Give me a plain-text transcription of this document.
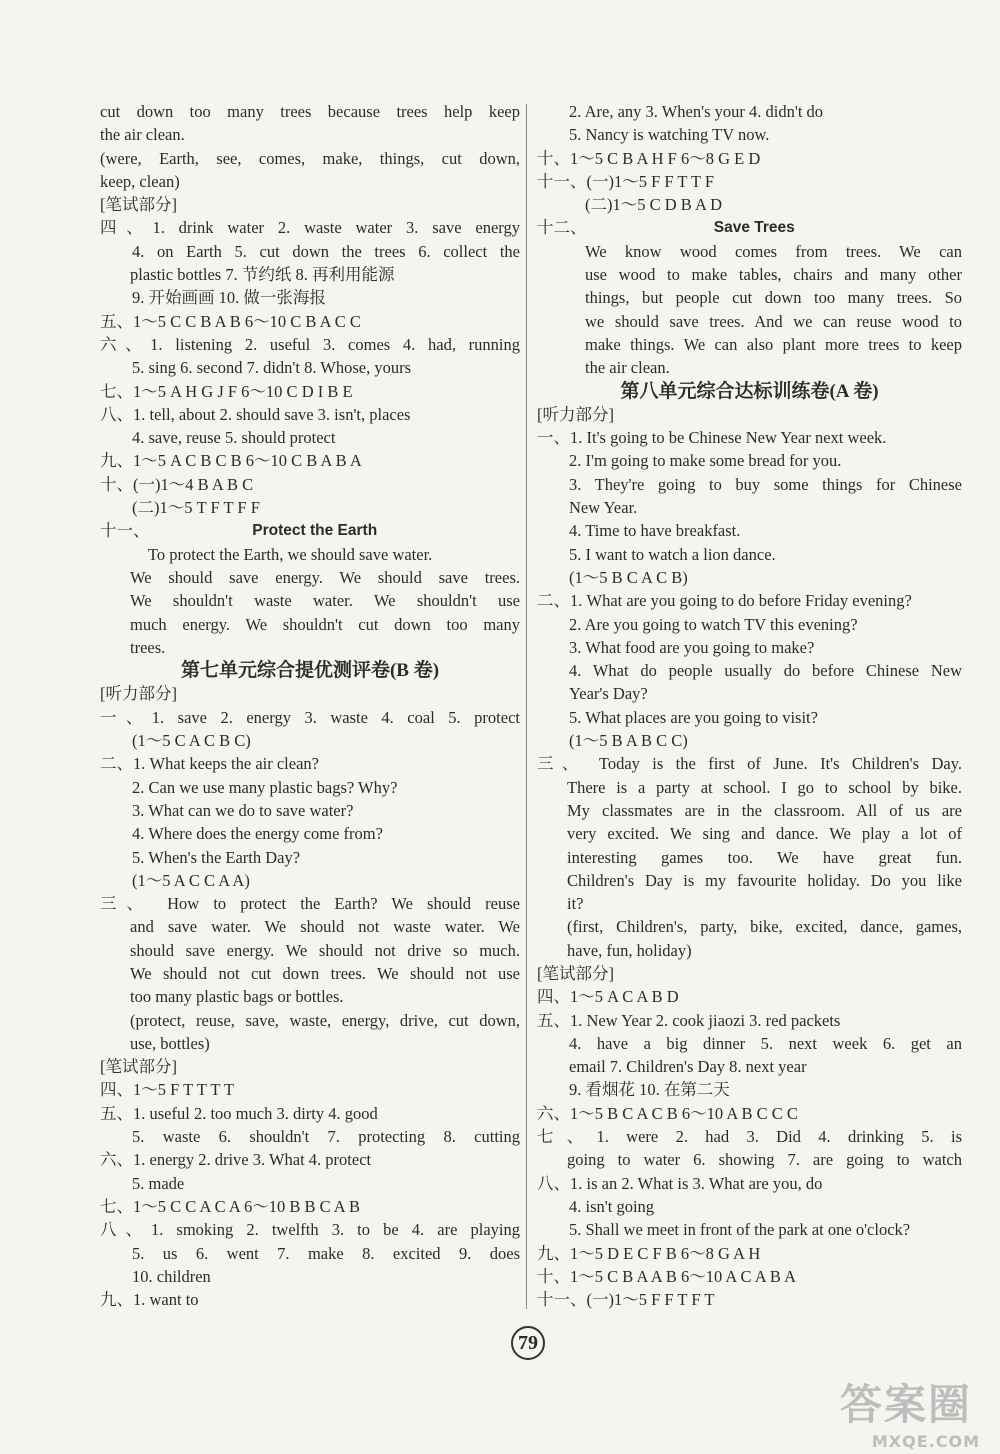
cut down too many trees because trees help keep
the air clean.
(were, Earth, see, comes, make, things, cut down,
keep, clean)
[笔试部分]
四、1. drink water 2. waste water 3. save energy
4. on Earth 5. cut down the trees 6. collect the
plastic bottles 7. 节约纸 8. 再利用能源
9. 开始画画 10. 做一张海报
五、1～5 C C B A B 6～10 C B A C C
六、1. listening 2. useful 3. comes 4. had, running
5. sing 6. second 7. didn't 8. Whose, yours
七、1～5 A H G J F 6～10 C D I B E
八、1. tell, about 2. should save 3. isn't, places
4. save, reuse 5. should protect
九、1～5 A C B C B 6～10 C B A B A
十、(一)1～4 B A B C
(二)1～5 T F T F F
十一、	Protect the Earth
To protect the Earth, we should save water.
We should save energy. We should save trees.
We shouldn't waste water. We shouldn't use
much energy. We shouldn't cut down too many
trees.
第七单元综合提优测评卷(B 卷)
[听力部分]
一、1. save 2. energy 3. waste 4. coal 5. protect
(1～5 C A C B C)
二、1. What keeps the air clean?
2. Can we use many plastic bags? Why?
3. What can we do to save water?
4. Where does the energy come from?
5. When's the Earth Day?
(1～5 A C C A A)
三、 How to protect the Earth? We should reuse
and save water. We should not waste water. We
should save energy. We should not drive so much.
We should not cut down trees. We should not use
too many plastic bags or bottles.
(protect, reuse, save, waste, energy, drive, cut down,
use, bottles)
[笔试部分]
四、1～5 F T T T T
五、1. useful 2. too much 3. dirty 4. good
5. waste 6. shouldn't 7. protecting 8. cutting
六、1. energy 2. drive 3. What 4. protect
5. made
七、1～5 C C A C A 6～10 B B C A B
八、1. smoking 2. twelfth 3. to be 4. are playing
5. us 6. went 7. make 8. excited 9. does
10. children
九、1. want to
2. Are, any 3. When's your 4. didn't do
5. Nancy is watching TV now.
十、1～5 C B A H F 6～8 G E D
十一、(一)1～5 F F T T F
(二)1～5 C D B A D
十二、	Save Trees
We know wood comes from trees. We can
use wood to make tables, chairs and many other
things, but people cut down too many trees. So
we should save trees. And we can reuse wood to
make things. We can also plant more trees to keep
the air clean.
第八单元综合达标训练卷(A 卷)
[听力部分]
一、1. It's going to be Chinese New Year next week.
2. I'm going to make some bread for you.
3. They're going to buy some things for Chinese
New Year.
4. Time to have breakfast.
5. I want to watch a lion dance.
(1～5 B C A C B)
二、1. What are you going to do before Friday evening?
2. Are you going to watch TV this evening?
3. What food are you going to make?
4. What do people usually do before Chinese New
Year's Day?
5. What places are you going to visit?
(1～5 B A B C C)
三、 Today is the first of June. It's Children's Day.
There is a party at school. I go to school by bike.
My classmates are in the classroom. All of us are
very excited. We sing and dance. We play a lot of
interesting games too. We have great fun.
Children's Day is my favourite holiday. Do you like
it?
(first, Children's, party, bike, excited, dance, games,
have, fun, holiday)
[笔试部分]
四、1～5 A C A B D
五、1. New Year 2. cook jiaozi 3. red packets
4. have a big dinner 5. next week 6. get an
email 7. Children's Day 8. next year
9. 看烟花 10. 在第二天
六、1～5 B C A C B 6～10 A B C C C
七、1. were 2. had 3. Did 4. drinking 5. is
going to water 6. showing 7. are going to watch
八、1. is an 2. What is 3. What are you, do
4. isn't going
5. Shall we meet in front of the park at one o'clock?
九、1～5 D E C F B 6～8 G A H
十、1～5 C B A A B 6～10 A C A B A
十一、(一)1～5 F F T F T
79
答案圈
MXQE.COM
